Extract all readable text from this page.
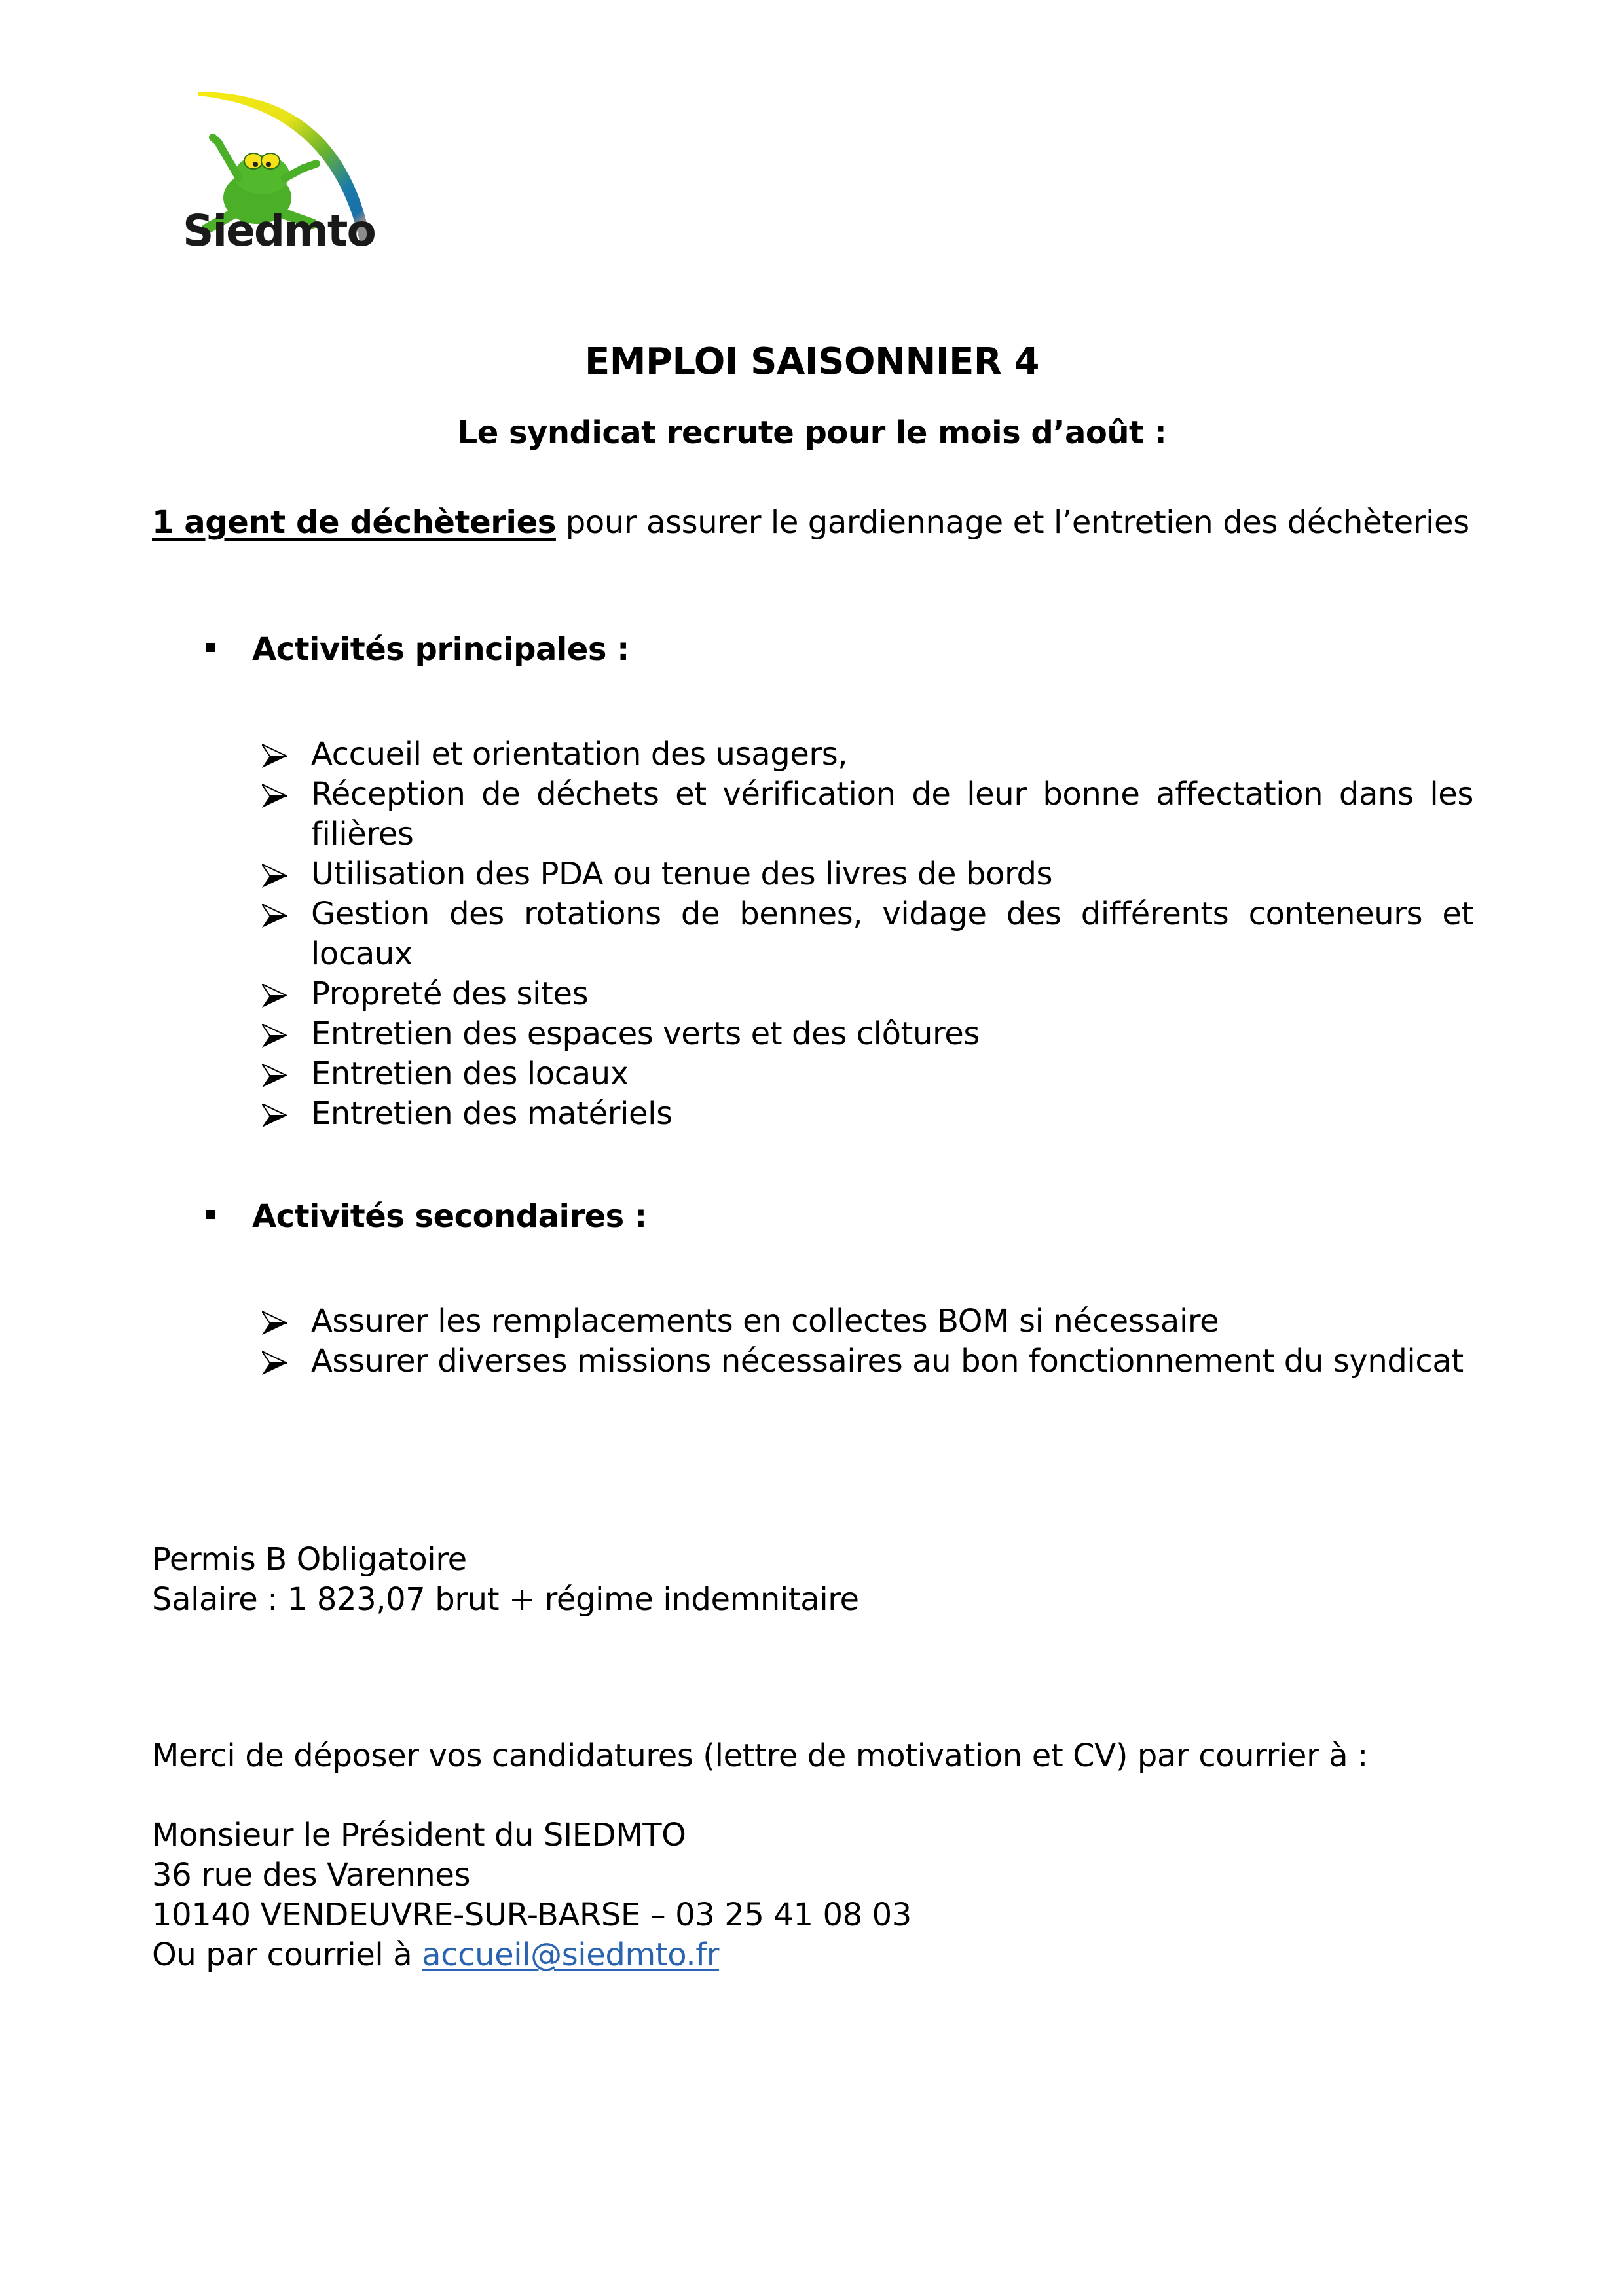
Siedmto
EMPLOI SAISONNIER 4
Le syndicat recrute pour le mois d’août :
1 agent de déchèteries pour assurer le gardiennage et l’entretien des déchèteries
Activités principales :
Accueil et orientation des usagers,
Réception de déchets et vérification de leur bonne affectation dans les filières
Utilisation des PDA ou tenue des livres de bords
Gestion des rotations de bennes, vidage des différents conteneurs et locaux
Propreté des sites
Entretien des espaces verts et des clôtures
Entretien des locaux
Entretien des matériels
Activités secondaires :
Assurer les remplacements en collectes BOM si nécessaire
Assurer diverses missions nécessaires au bon fonctionnement du syndicat
Permis B Obligatoire
Salaire : 1 823,07 brut + régime indemnitaire
Merci de déposer vos candidatures (lettre de motivation et CV) par courrier à :
Monsieur le Président du SIEDMTO
36 rue des Varennes
10140 VENDEUVRE-SUR-BARSE – 03 25 41 08 03
Ou par courriel à accueil@siedmto.fr
